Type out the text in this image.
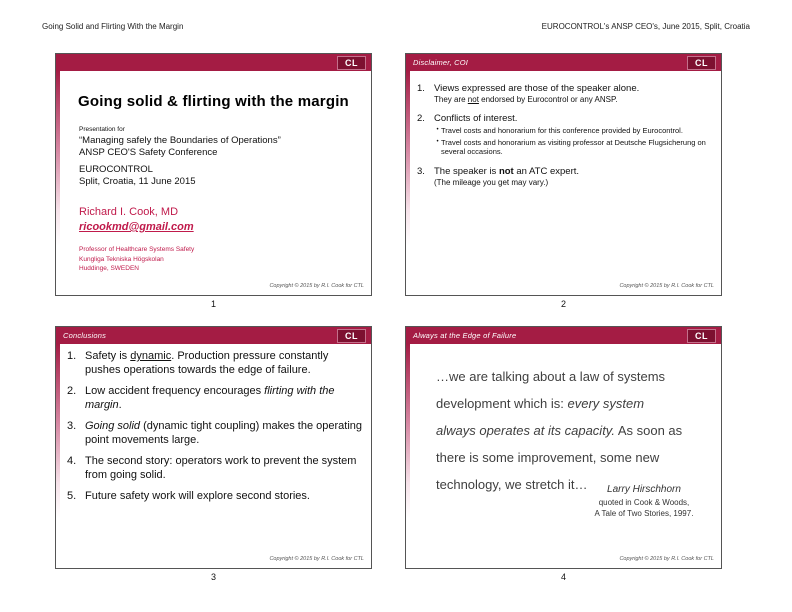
Going Solid and Flirting With the Margin	EUROCONTROL's ANSP CEO's, June 2015, Split, Croatia
CL
Going solid & flirting with the margin
Presentation for
“Managing safely the Boundaries of Operations”
ANSP CEO'S Safety Conference
EUROCONTROL
Split, Croatia, 11 June 2015
Richard I. Cook, MD
ricookmd@gmail.com
Professor of Healthcare Systems Safety
Kungliga Tekniska Högskolan
Huddinge, SWEDEN
Copyright © 2015 by R.I. Cook for CTL
Disclaimer, COI	CL
1. Views expressed are those of the speaker alone.
They are not endorsed by Eurocontrol or any ANSP.
2. Conflicts of interest.
• Travel costs and honorarium for this conference provided by Eurocontrol.
• Travel costs and honorarium as visiting professor at Deutsche Flugsicherung on several occasions.
3. The speaker is not an ATC expert.
(The mileage you get may vary.)
Copyright © 2015 by R.I. Cook for CTL
Conclusions	CL
1. Safety is dynamic. Production pressure constantly pushes operations towards the edge of failure.
2. Low accident frequency encourages flirting with the margin.
3. Going solid (dynamic tight coupling) makes the operating point movements large.
4. The second story: operators work to prevent the system from going solid.
5. Future safety work will explore second stories.
Copyright © 2015 by R.I. Cook for CTL
Always at the Edge of Failure	CL
…we are talking about a law of systems development which is: every system always operates at its capacity. As soon as there is some improvement, some new technology, we stretch it…	Larry Hirschhorn
quoted in Cook & Woods,
A Tale of Two Stories, 1997.
Copyright © 2015 by R.I. Cook for CTL
1	2
3	4
